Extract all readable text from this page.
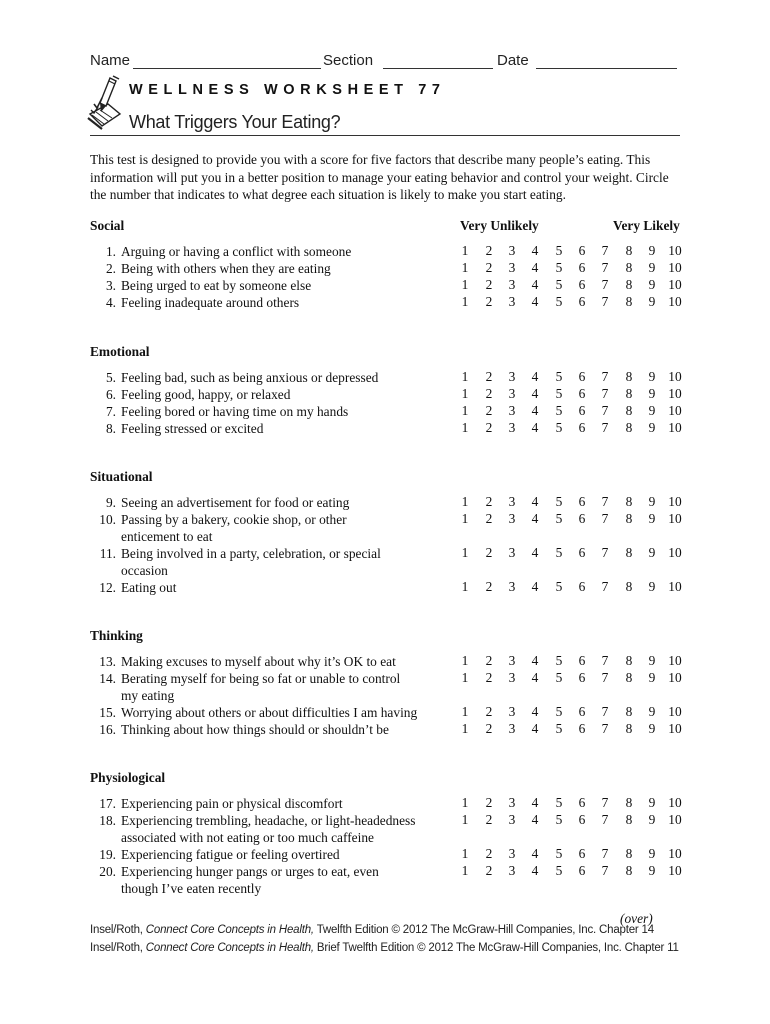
Name	Section	Date
WELLNESS WORKSHEET 77
What Triggers Your Eating?
This test is designed to provide you with a score for five factors that describe many people’s eating. This information will put you in a better position to manage your eating behavior and control your weight. Circle the number that indicates to what degree each situation is likely to make you start eating.
Social	Very Unlikely	Very Likely
1. Arguing or having a conflict with someone	1	2	3	4	5	6	7	8	9 10
2. Being with others when they are eating	1	2	3	4	5	6	7	8	9 10
3. Being urged to eat by someone else	1	2	3	4	5	6	7	8	9 10
4. Feeling inadequate around others	1	2	3	4	5	6	7	8	9 10
Emotional
5. Feeling bad, such as being anxious or depressed	1	2	3	4	5	6	7	8	9 10
6. Feeling good, happy, or relaxed	1	2	3	4	5	6	7	8	9 10
7. Feeling bored or having time on my hands	1	2	3	4	5	6	7	8	9 10
8. Feeling stressed or excited	1	2	3	4	5	6	7	8	9 10
Situational
9. Seeing an advertisement for food or eating	1	2	3	4	5	6	7	8	9 10
10. Passing by a bakery, cookie shop, or other
enticement to eat
1	2	3	4	5	6	7	8	9 10
11. Being involved in a party, celebration, or special
occasion
1	2	3	4	5	6	7	8	9 10
12. Eating out	1	2	3	4	5	6	7	8	9 10
Thinking
13. Making excuses to myself about why it’s OK to eat	1	2	3	4	5	6	7	8	9 10
14. Berating myself for being so fat or unable to control
my eating
1	2	3	4	5	6	7	8	9 10
15. Worrying about others or about difficulties I am having	1	2	3	4	5	6	7	8	9 10
16. Thinking about how things should or shouldn’t be	1	2	3	4	5	6	7	8	9 10
Physiological
17. Experiencing pain or physical discomfort	1	2	3	4	5	6	7	8	9 10
18. Experiencing trembling, headache, or light-headedness
associated with not eating or too much caffeine
1	2	3	4	5	6	7	8	9 10
19. Experiencing fatigue or feeling overtired	1	2	3	4	5	6	7	8	9 10
20. Experiencing hunger pangs or urges to eat, even
though I’ve eaten recently
1	2	3	4	5	6	7	8	9 10
(over)
Insel/Roth, Connect Core Concepts in Health, Twelfth Edition © 2012 The McGraw-Hill Companies, Inc. Chapter 14
Insel/Roth, Connect Core Concepts in Health, Brief Twelfth Edition © 2012 The McGraw-Hill Companies, Inc. Chapter 11
